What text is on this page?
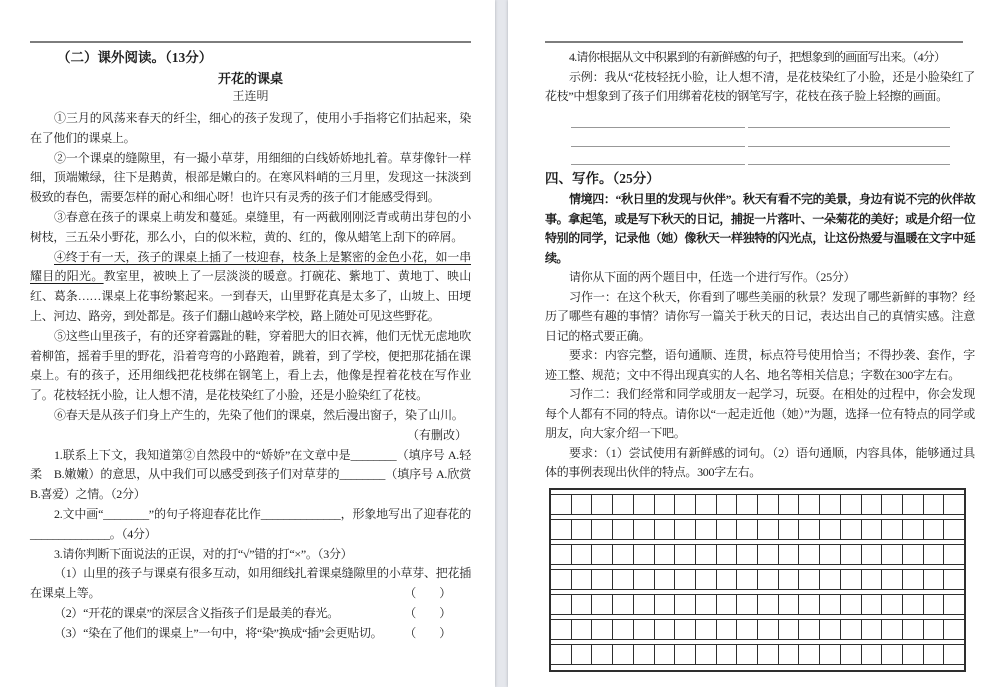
（二）课外阅读。（13分）
开花的课桌
王连明

①三月的风荡来春天的纤尘，细心的孩子发现了，使用小手指将它们拈起来，染在了他们的课桌上。

②一个课桌的缝隙里，有一撮小草芽，用细细的白线娇娇地扎着。草芽像针一样细，顶端嫩绿，往下是鹅黄，根部是嫩白的。在寒风料峭的三月里，发现这一抹淡到极致的春色，需要怎样的耐心和细心呀！也许只有灵秀的孩子们才能感受得到。

③春意在孩子的课桌上萌发和蔓延。桌缝里，有一两截刚刚泛青或萌出芽包的小树枝，三五朵小野花，那么小，白的似米粒，黄的、红的，像从蜡笔上刮下的碎屑。

④终于有一天，孩子的课桌上插了一枝迎春，枝条上是繁密的金色小花，如一串耀目的阳光。教室里，被映上了一层淡淡的暖意。打碗花、紫地丁、黄地丁、映山红、葛条……课桌上花事纷繁起来。一到春天，山里野花真是太多了，山坡上、田埂上、河边、路旁，到处都是。孩子们翻山越岭来学校，路上随处可见这些野花。

⑤这些山里孩子，有的还穿着露趾的鞋，穿着肥大的旧衣裤，他们无忧无虑地吹着柳笛，摇着手里的野花，沿着弯弯的小路跑着，跳着，到了学校，便把那花插在课桌上。有的孩子，还用细线把花枝绑在钢笔上，看上去，他像是捏着花枝在写作业了。花枝轻抚小脸，让人想不清，是花枝染红了小脸，还是小脸染红了花枝。

⑥春天是从孩子们身上产生的，先染了他们的课桌，然后漫出窗子，染了山川。

（有删改）

1.联系上下文，我知道第②自然段中的“娇娇”在文章中是________（填序号 A.轻柔　B.嫩嫩）的意思，从中我们可以感受到孩子们对草芽的________（填序号 A.欣赏　B.喜爱）之情。（2分）

2.文中画“________”的句子将迎春花比作______________，形象地写出了迎春花的______________。（4分）

3.请你判断下面说法的正误，对的打“√”错的打“×”。（3分）

（1）山里的孩子与课桌有很多互动，如用细线扎着课桌缝隙里的小草芽、把花插在课桌上等。	（　　）

（2）“开花的课桌”的深层含义指孩子们是最美的春光。	（　　）
（3）“染在了他们的课桌上”一句中，将“染”换成“插”会更贴切。 （　　）

4.请你根据从文中积累到的有新鲜感的句子，把想象到的画面写出来。（4分）

示例：我从“花枝轻抚小脸，让人想不清，是花枝染红了小脸，还是小脸染红了花枝”中想象到了孩子们用绑着花枝的钢笔写字，花枝在孩子脸上轻擦的画面。

四、写作。（25分）

情境四：“秋日里的发现与伙伴”。秋天有看不完的美景，身边有说不完的伙伴故事。拿起笔，或是写下秋天的日记，捕捉一片落叶、一朵菊花的美好；或是介绍一位特别的同学，记录他（她）像秋天一样独特的闪光点，让这份热爱与温暖在文字中延续。

请你从下面的两个题目中，任选一个进行写作。（25分）

习作一：在这个秋天，你看到了哪些美丽的秋景？发现了哪些新鲜的事物？经历了哪些有趣的事情？请你写一篇关于秋天的日记，表达出自己的真情实感。注意日记的格式要正确。

要求：内容完整，语句通顺、连贯，标点符号使用恰当；不得抄袭、套作，字迹工整、规范；文中不得出现真实的人名、地名等相关信息；字数在300字左右。

习作二：我们经常和同学或朋友一起学习，玩耍。在相处的过程中，你会发现每个人都有不同的特点。请你以“一起走近他（她）”为题，选择一位有特点的同学或朋友，向大家介绍一下吧。

要求：（1）尝试使用有新鲜感的词句。（2）语句通顺，内容具体，能够通过具体的事例表现出伙伴的特点。300字左右。
